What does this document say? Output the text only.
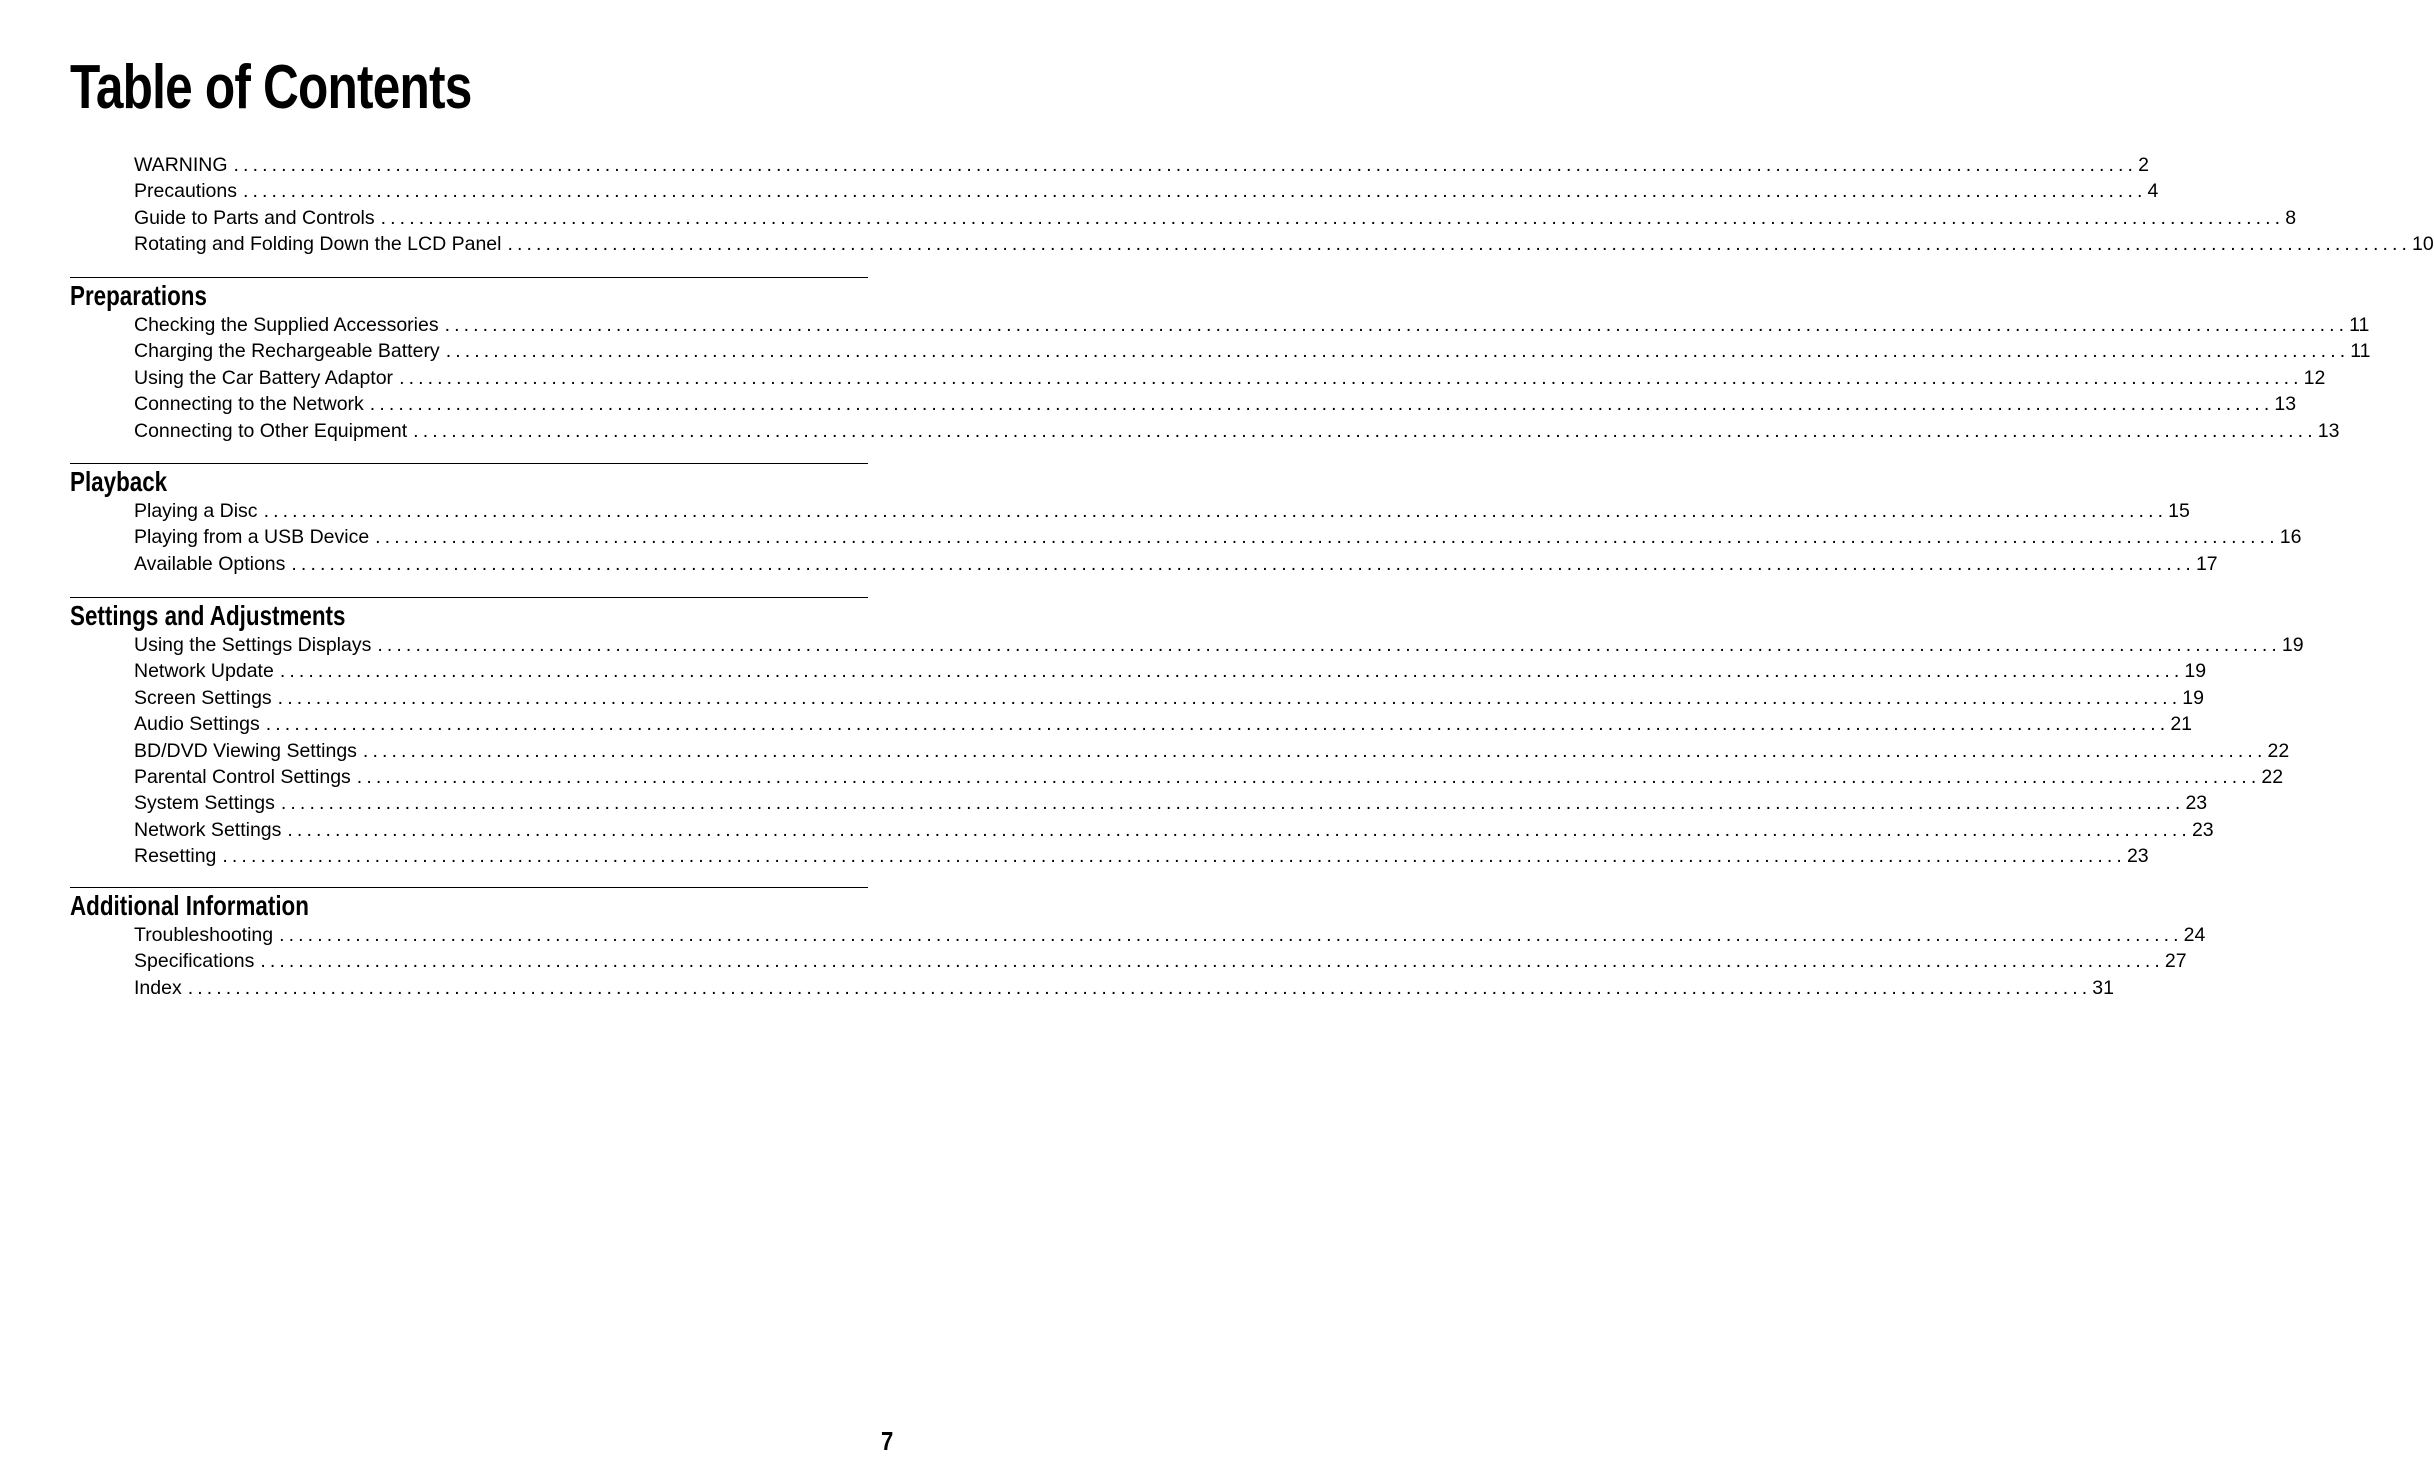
Table of Contents
WARNING ........................................................................................................................................................................................................ 2
Precautions ........................................................................................................................................................................................................ 4
Guide to Parts and Controls ........................................................................................................................................................................................................ 8
Rotating and Folding Down the LCD Panel ........................................................................................................................................................................................................ 10
Preparations
Checking the Supplied Accessories ........................................................................................................................................................................................................ 11
Charging the Rechargeable Battery ........................................................................................................................................................................................................ 11
Using the Car Battery Adaptor ........................................................................................................................................................................................................ 12
Connecting to the Network ........................................................................................................................................................................................................ 13
Connecting to Other Equipment ........................................................................................................................................................................................................ 13
Playback
Playing a Disc ........................................................................................................................................................................................................ 15
Playing from a USB Device ........................................................................................................................................................................................................ 16
Available Options ........................................................................................................................................................................................................ 17
Settings and Adjustments
Using the Settings Displays ........................................................................................................................................................................................................ 19
Network Update ........................................................................................................................................................................................................ 19
Screen Settings ........................................................................................................................................................................................................ 19
Audio Settings ........................................................................................................................................................................................................ 21
BD/DVD Viewing Settings ........................................................................................................................................................................................................ 22
Parental Control Settings ........................................................................................................................................................................................................ 22
System Settings ........................................................................................................................................................................................................ 23
Network Settings ........................................................................................................................................................................................................ 23
Resetting ........................................................................................................................................................................................................ 23
Additional Information
Troubleshooting ........................................................................................................................................................................................................ 24
Specifications ........................................................................................................................................................................................................ 27
Index ........................................................................................................................................................................................................ 31
7
